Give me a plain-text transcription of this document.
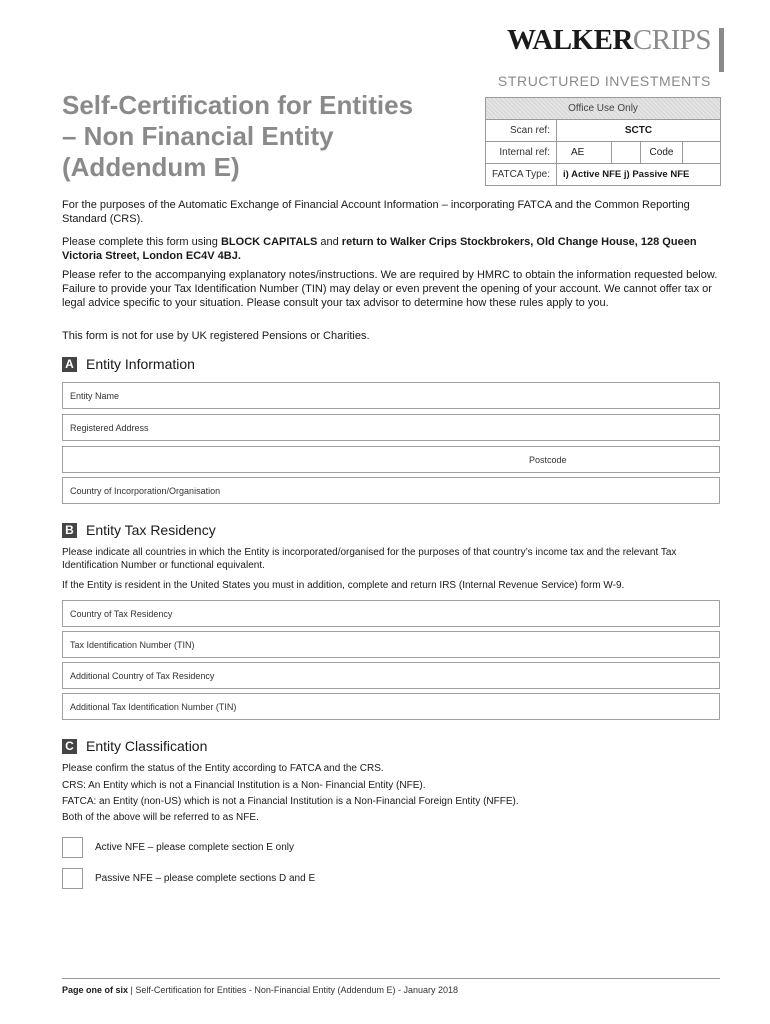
WALKERCRIPS
STRUCTURED INVESTMENTS
Self-Certification for Entities
– Non Financial Entity
(Addendum E)
Office Use Only
Scan ref:	SCTC
Internal ref:	AE	Code
FATCA Type:	i) Active NFE j) Passive NFE

For the purposes of the Automatic Exchange of Financial Account Information – incorporating FATCA and the Common Reporting Standard (CRS).

Please complete this form using BLOCK CAPITALS and return to Walker Crips Stockbrokers, Old Change House, 128 Queen Victoria Street, London EC4V 4BJ.

Please refer to the accompanying explanatory notes/instructions. We are required by HMRC to obtain the information requested below. Failure to provide your Tax Identification Number (TIN) may delay or even prevent the opening of your account. We cannot offer tax or legal advice specific to your situation. Please consult your tax advisor to determine how these rules apply to you.

This form is not for use by UK registered Pensions or Charities.

A Entity Information
Entity Name
Registered Address
Postcode
Country of Incorporation/Organisation
B Entity Tax Residency

Please indicate all countries in which the Entity is incorporated/organised for the purposes of that country’s income tax and the relevant Tax Identification Number or functional equivalent.

If the Entity is resident in the United States you must in addition, complete and return IRS (Internal Revenue Service) form W-9.

Country of Tax Residency
Tax Identification Number (TIN)
Additional Country of Tax Residency
Additional Tax Identification Number (TIN)
C Entity Classification

Please confirm the status of the Entity according to FATCA and the CRS.

CRS: An Entity which is not a Financial Institution is a Non- Financial Entity (NFE).

FATCA: an Entity (non-US) which is not a Financial Institution is a Non-Financial Foreign Entity (NFFE).

Both of the above will be referred to as NFE.

Active NFE – please complete section E only
Passive NFE – please complete sections D and E
Page one of six | Self-Certification for Entities - Non-Financial Entity (Addendum E) - January 2018
